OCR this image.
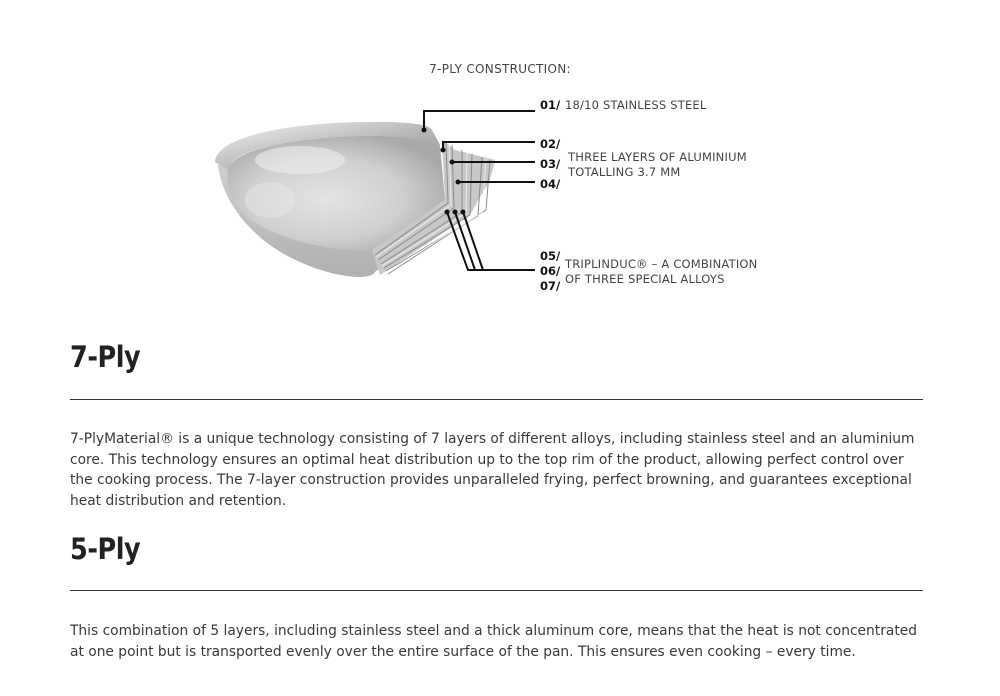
7-PLY CONSTRUCTION:
01/ 18/10 STAINLESS STEEL
02/
03/
04/
THREE LAYERS OF ALUMINIUM
TOTALLING 3.7 MM
05/
06/
07/
TRIPLINDUC® – A COMBINATION
OF THREE SPECIAL ALLOYS
7-Ply

7-PlyMaterial® is a unique technology consisting of 7 layers of different alloys, including stainless steel and an aluminium core. This technology ensures an optimal heat distribution up to the top rim of the product, allowing perfect control over the cooking process. The 7-layer construction provides unparalleled frying, perfect browning, and guarantees exceptional heat distribution and retention.

5-Ply

This combination of 5 layers, including stainless steel and a thick aluminum core, means that the heat is not concentrated at one point but is transported evenly over the entire surface of the pan. This ensures even cooking – every time.
